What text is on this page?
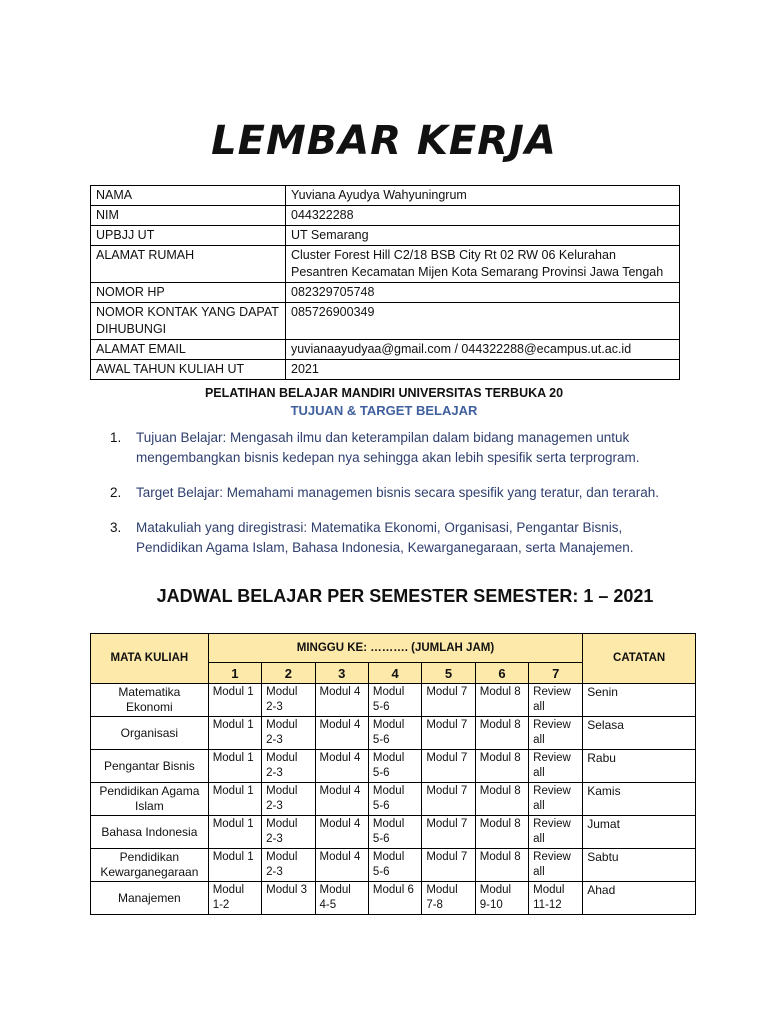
LEMBAR KERJA
NAMA	Yuviana Ayudya Wahyuningrum
NIM	044322288
UPBJJ UT	UT Semarang
ALAMAT RUMAH	Cluster Forest Hill C2/18 BSB City Rt 02 RW 06 Kelurahan Pesantren Kecamatan Mijen Kota Semarang Provinsi Jawa Tengah
NOMOR HP	082329705748
NOMOR KONTAK YANG DAPAT DIHUBUNGI	085726900349
ALAMAT EMAIL	yuvianaayudyaa@gmail.com / 044322288@ecampus.ut.ac.id
AWAL TAHUN KULIAH UT	2021
PELATIHAN BELAJAR MANDIRI UNIVERSITAS TERBUKA 20
TUJUAN & TARGET BELAJAR
1. Tujuan Belajar: Mengasah ilmu dan keterampilan dalam bidang managemen untuk mengembangkan bisnis kedepan nya sehingga akan lebih spesifik serta terprogram.
2. Target Belajar: Memahami managemen bisnis secara spesifik yang teratur, dan terarah.
3. Matakuliah yang diregistrasi: Matematika Ekonomi, Organisasi, Pengantar Bisnis, Pendidikan Agama Islam, Bahasa Indonesia, Kewarganegaraan, serta Manajemen.
JADWAL BELAJAR PER SEMESTER SEMESTER: 1 – 2021
MATA KULIAH	MINGGU KE: ………. (JUMLAH JAM)							CATATAN
	1	2	3	4	5	6	7	
Matematika Ekonomi	Modul 1	Modul 2-3	Modul 4	Modul 5-6	Modul 7	Modul 8	Review all	Senin
Organisasi	Modul 1	Modul 2-3	Modul 4	Modul 5-6	Modul 7	Modul 8	Review all	Selasa
Pengantar Bisnis	Modul 1	Modul 2-3	Modul 4	Modul 5-6	Modul 7	Modul 8	Review all	Rabu
Pendidikan Agama Islam	Modul 1	Modul 2-3	Modul 4	Modul 5-6	Modul 7	Modul 8	Review all	Kamis
Bahasa Indonesia	Modul 1	Modul 2-3	Modul 4	Modul 5-6	Modul 7	Modul 8	Review all	Jumat
Pendidikan Kewarganegaraan	Modul 1	Modul 2-3	Modul 4	Modul 5-6	Modul 7	Modul 8	Review all	Sabtu
Manajemen	Modul 1-2	Modul 3	Modul 4-5	Modul 6	Modul 7-8	Modul 9-10	Modul 11-12	Ahad
